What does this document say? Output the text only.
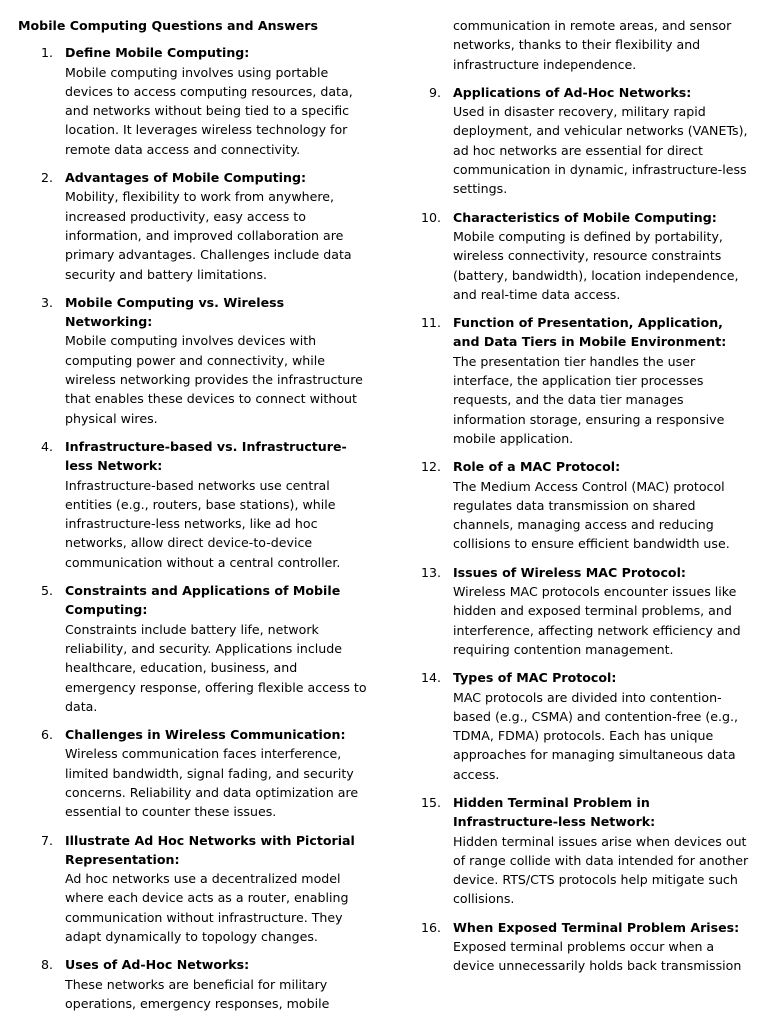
Mobile Computing Questions and Answers
1. Define Mobile Computing:
Mobile computing involves using portable devices to access computing resources, data, and networks without being tied to a specific location. It leverages wireless technology for remote data access and connectivity.
2. Advantages of Mobile Computing:
Mobility, flexibility to work from anywhere, increased productivity, easy access to information, and improved collaboration are primary advantages. Challenges include data security and battery limitations.
3. Mobile Computing vs. Wireless Networking:
Mobile computing involves devices with computing power and connectivity, while wireless networking provides the infrastructure that enables these devices to connect without physical wires.
4. Infrastructure-based vs. Infrastructure-less Network:
Infrastructure-based networks use central entities (e.g., routers, base stations), while infrastructure-less networks, like ad hoc networks, allow direct device-to-device communication without a central controller.
5. Constraints and Applications of Mobile Computing:
Constraints include battery life, network reliability, and security. Applications include healthcare, education, business, and emergency response, offering flexible access to data.
6. Challenges in Wireless Communication:
Wireless communication faces interference, limited bandwidth, signal fading, and security concerns. Reliability and data optimization are essential to counter these issues.
7. Illustrate Ad Hoc Networks with Pictorial Representation:
Ad hoc networks use a decentralized model where each device acts as a router, enabling communication without infrastructure. They adapt dynamically to topology changes.
8. Uses of Ad-Hoc Networks:
These networks are beneficial for military operations, emergency responses, mobile
communication in remote areas, and sensor networks, thanks to their flexibility and infrastructure independence.
9. Applications of Ad-Hoc Networks:
Used in disaster recovery, military rapid deployment, and vehicular networks (VANETs), ad hoc networks are essential for direct communication in dynamic, infrastructure-less settings.
10. Characteristics of Mobile Computing:
Mobile computing is defined by portability, wireless connectivity, resource constraints (battery, bandwidth), location independence, and real-time data access.
11. Function of Presentation, Application, and Data Tiers in Mobile Environment:
The presentation tier handles the user interface, the application tier processes requests, and the data tier manages information storage, ensuring a responsive mobile application.
12. Role of a MAC Protocol:
The Medium Access Control (MAC) protocol regulates data transmission on shared channels, managing access and reducing collisions to ensure efficient bandwidth use.
13. Issues of Wireless MAC Protocol:
Wireless MAC protocols encounter issues like hidden and exposed terminal problems, and interference, affecting network efficiency and requiring contention management.
14. Types of MAC Protocol:
MAC protocols are divided into contention-based (e.g., CSMA) and contention-free (e.g., TDMA, FDMA) protocols. Each has unique approaches for managing simultaneous data access.
15. Hidden Terminal Problem in Infrastructure-less Network:
Hidden terminal issues arise when devices out of range collide with data intended for another device. RTS/CTS protocols help mitigate such collisions.
16. When Exposed Terminal Problem Arises:
Exposed terminal problems occur when a device unnecessarily holds back transmission
